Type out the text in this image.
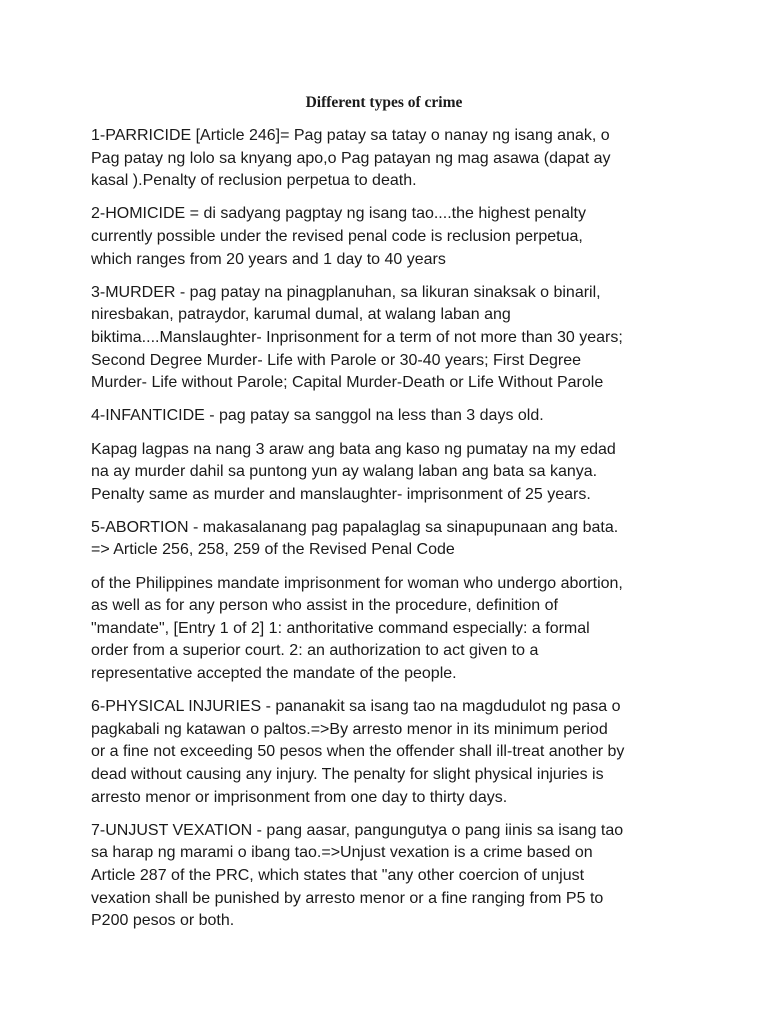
Different types of crime

1-PARRICIDE [Article 246]= Pag patay sa tatay o nanay ng isang anak, o
Pag patay ng lolo sa knyang apo,o Pag patayan ng mag asawa (dapat ay
kasal ).Penalty of reclusion perpetua to death.

2-HOMICIDE = di sadyang pagptay ng isang tao....the highest penalty
currently possible under the revised penal code is reclusion perpetua,
which ranges from 20 years and 1 day to 40 years

3-MURDER - pag patay na pinagplanuhan, sa likuran sinaksak o binaril,
niresbakan, patraydor, karumal dumal, at walang laban ang
biktima....Manslaughter- Inprisonment for a term of not more than 30 years;
Second Degree Murder- Life with Parole or 30-40 years; First Degree
Murder- Life without Parole; Capital Murder-Death or Life Without Parole

4-INFANTICIDE - pag patay sa sanggol na less than 3 days old.

Kapag lagpas na nang 3 araw ang bata ang kaso ng pumatay na my edad
na ay murder dahil sa puntong yun ay walang laban ang bata sa kanya.
Penalty same as murder and manslaughter- imprisonment of 25 years.

5-ABORTION - makasalanang pag papalaglag sa sinapupunaan ang bata.
=> Article 256, 258, 259 of the Revised Penal Code

of the Philippines mandate imprisonment for woman who undergo abortion,
as well as for any person who assist in the procedure, definition of
"mandate", [Entry 1 of 2] 1: anthoritative command especially: a formal
order from a superior court. 2: an authorization to act given to a
representative accepted the mandate of the people.

6-PHYSICAL INJURIES - pananakit sa isang tao na magdudulot ng pasa o
pagkabali ng katawan o paltos.=>By arresto menor in its minimum period
or a fine not exceeding 50 pesos when the offender shall ill-treat another by
dead without causing any injury. The penalty for slight physical injuries is
arresto menor or imprisonment from one day to thirty days.

7-UNJUST VEXATION - pang aasar, pangungutya o pang iinis sa isang tao
sa harap ng marami o ibang tao.=>Unjust vexation is a crime based on
Article 287 of the PRC, which states that "any other coercion of unjust
vexation shall be punished by arresto menor or a fine ranging from P5 to
P200 pesos or both.
